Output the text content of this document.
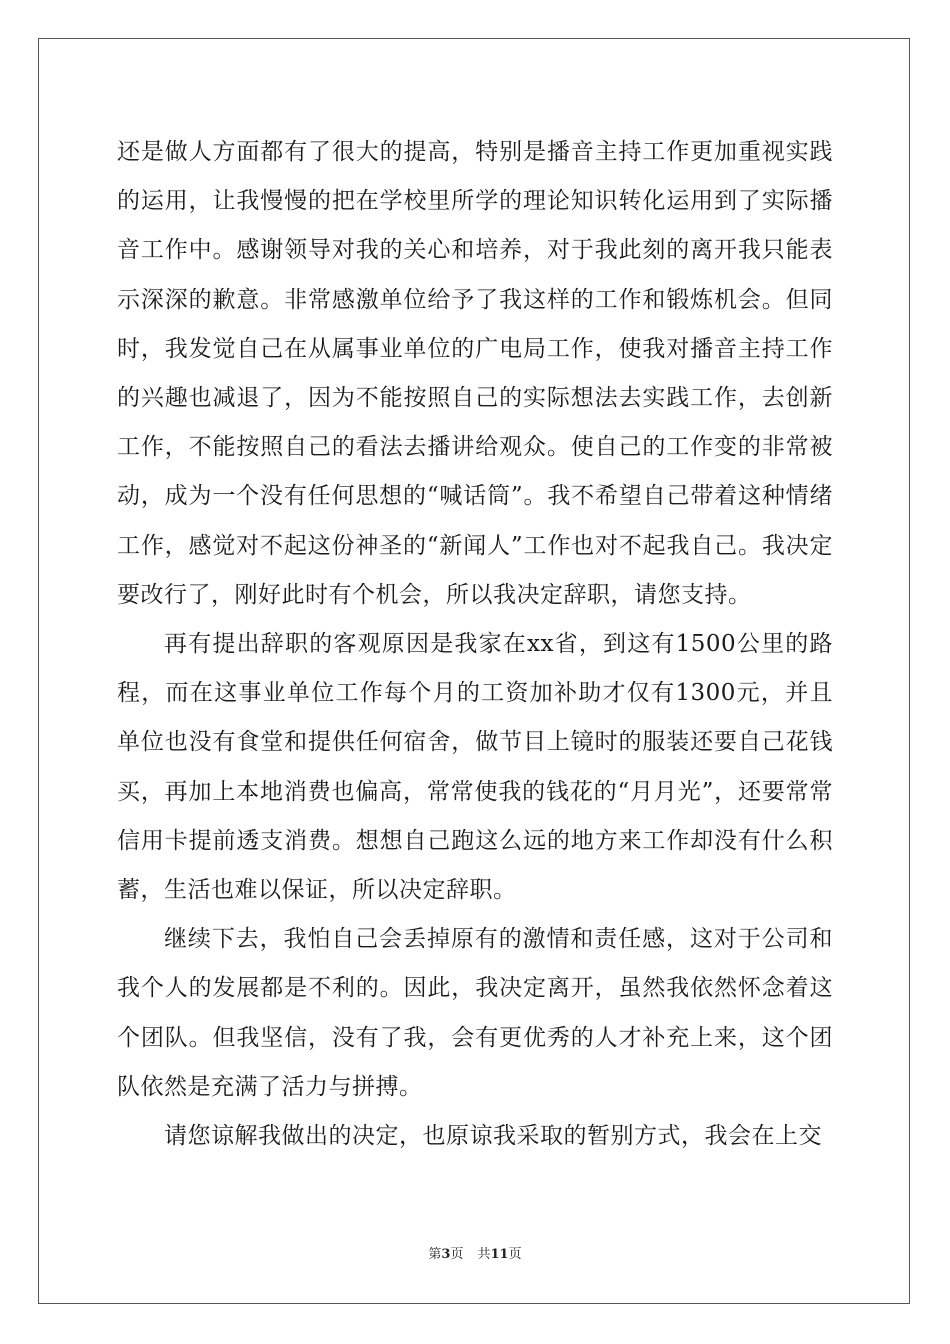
还是做人方面都有了很大的提高，特别是播音主持工作更加重视实践的运用，让我慢慢的把在学校里所学的理论知识转化运用到了实际播音工作中。感谢领导对我的关心和培养，对于我此刻的离开我只能表示深深的歉意。非常感激单位给予了我这样的工作和锻炼机会。但同时，我发觉自己在从属事业单位的广电局工作，使我对播音主持工作的兴趣也减退了，因为不能按照自己的实际想法去实践工作，去创新工作，不能按照自己的看法去播讲给观众。使自己的工作变的非常被动，成为一个没有任何思想的“喊话筒”。我不希望自己带着这种情绪工作，感觉对不起这份神圣的“新闻人”工作也对不起我自己。我决定要改行了，刚好此时有个机会，所以我决定辞职，请您支持。

再有提出辞职的客观原因是我家在xx省，到这有1500公里的路程，而在这事业单位工作每个月的工资加补助才仅有1300元，并且单位也没有食堂和提供任何宿舍，做节目上镜时的服装还要自己花钱买，再加上本地消费也偏高，常常使我的钱花的“月月光”，还要常常信用卡提前透支消费。想想自己跑这么远的地方来工作却没有什么积蓄，生活也难以保证，所以决定辞职。

继续下去，我怕自己会丢掉原有的激情和责任感，这对于公司和我个人的发展都是不利的。因此，我决定离开，虽然我依然怀念着这个团队。但我坚信，没有了我，会有更优秀的人才补充上来，这个团队依然是充满了活力与拼搏。

请您谅解我做出的决定，也原谅我采取的暂别方式，我会在上交

第3页 共11页
